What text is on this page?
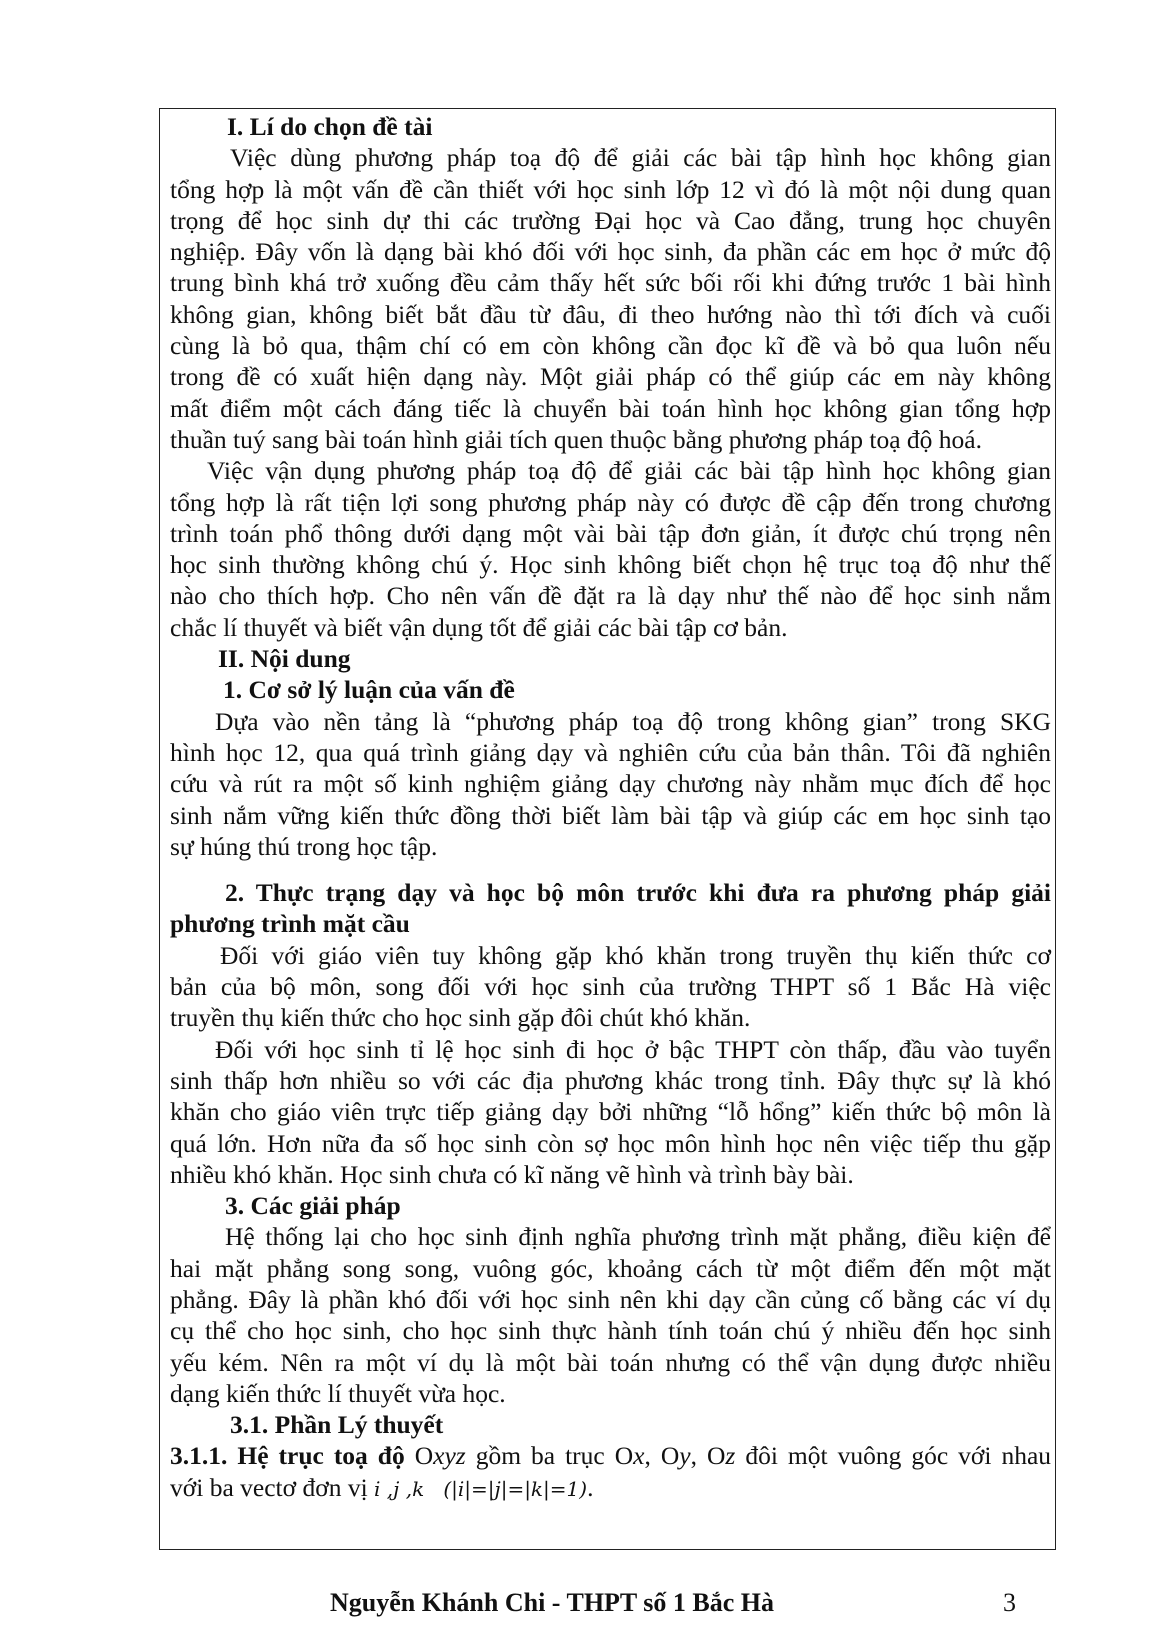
I. Lí do chọn đề tài
Việc dùng phương pháp toạ độ để giải các bài tập hình học không gian
tổng hợp là một vấn đề cần thiết với học sinh lớp 12 vì đó là một nội dung quan
trọng để học sinh dự thi các trường Đại học và Cao đẳng, trung học chuyên
nghiệp. Đây vốn là dạng bài khó đối với học sinh, đa phần các em học ở mức độ
trung bình khá trở xuống đều cảm thấy hết sức bối rối khi đứng trước 1 bài hình
không gian, không biết bắt đầu từ đâu, đi theo hướng nào thì tới đích và cuối
cùng là bỏ qua, thậm chí có em còn không cần đọc kĩ đề và bỏ qua luôn nếu
trong đề có xuất hiện dạng này. Một giải pháp có thể giúp các em này không
mất điểm một cách đáng tiếc là chuyển bài toán hình học không gian tổng hợp
thuần tuý sang bài toán hình giải tích quen thuộc bằng phương pháp toạ độ hoá.
Việc vận dụng phương pháp toạ độ để giải các bài tập hình học không gian
tổng hợp là rất tiện lợi song phương pháp này có được đề cập đến trong chương
trình toán phổ thông dưới dạng một vài bài tập đơn giản, ít được chú trọng nên
học sinh thường không chú ý. Học sinh không biết chọn hệ trục toạ độ như thế
nào cho thích hợp. Cho nên vấn đề đặt ra là dạy như thế nào để học sinh nắm
chắc lí thuyết và biết vận dụng tốt để giải các bài tập cơ bản.
II. Nội dung
1. Cơ sở lý luận của vấn đề
Dựa vào nền tảng là “phương pháp toạ độ trong không gian” trong SKG
hình học 12, qua quá trình giảng dạy và nghiên cứu của bản thân. Tôi đã nghiên
cứu và rút ra một số kinh nghiệm giảng dạy chương này nhằm mục đích để học
sinh nắm vững kiến thức đồng thời biết làm bài tập và giúp các em học sinh tạo
sự húng thú trong học tập.
2. Thực trạng dạy và học bộ môn trước khi đưa ra phương pháp giải
phương trình mặt cầu
Đối với giáo viên tuy không gặp khó khăn trong truyền thụ kiến thức cơ
bản của bộ môn, song đối với học sinh của trường THPT số 1 Bắc Hà việc
truyền thụ kiến thức cho học sinh gặp đôi chút khó khăn.
Đối với học sinh tỉ lệ học sinh đi học ở bậc THPT còn thấp, đầu vào tuyển
sinh thấp hơn nhiều so với các địa phương khác trong tỉnh. Đây thực sự là khó
khăn cho giáo viên trực tiếp giảng dạy bởi những “lỗ hổng” kiến thức bộ môn là
quá lớn. Hơn nữa đa số học sinh còn sợ học môn hình học nên việc tiếp thu gặp
nhiều khó khăn. Học sinh chưa có kĩ năng vẽ hình và trình bày bài.
3. Các giải pháp
Hệ thống lại cho học sinh định nghĩa phương trình mặt phẳng, điều kiện để
hai mặt phẳng song song, vuông góc, khoảng cách từ một điểm đến một mặt
phẳng. Đây là phần khó đối với học sinh nên khi dạy cần củng cố bằng các ví dụ
cụ thể cho học sinh, cho học sinh thực hành tính toán chú ý nhiều đến học sinh
yếu kém. Nên ra một ví dụ là một bài toán nhưng có thể vận dụng được nhiều
dạng kiến thức lí thuyết vừa học.
3.1. Phần Lý thuyết
3.1.1. Hệ trục toạ độ Oxyz gồm ba trục Ox, Oy, Oz đôi một vuông góc với nhau
với ba vectơ đơn vị i ,j ,k (|i|=|j|=|k|=1).
Nguyễn Khánh Chi - THPT số 1 Bắc Hà	3
